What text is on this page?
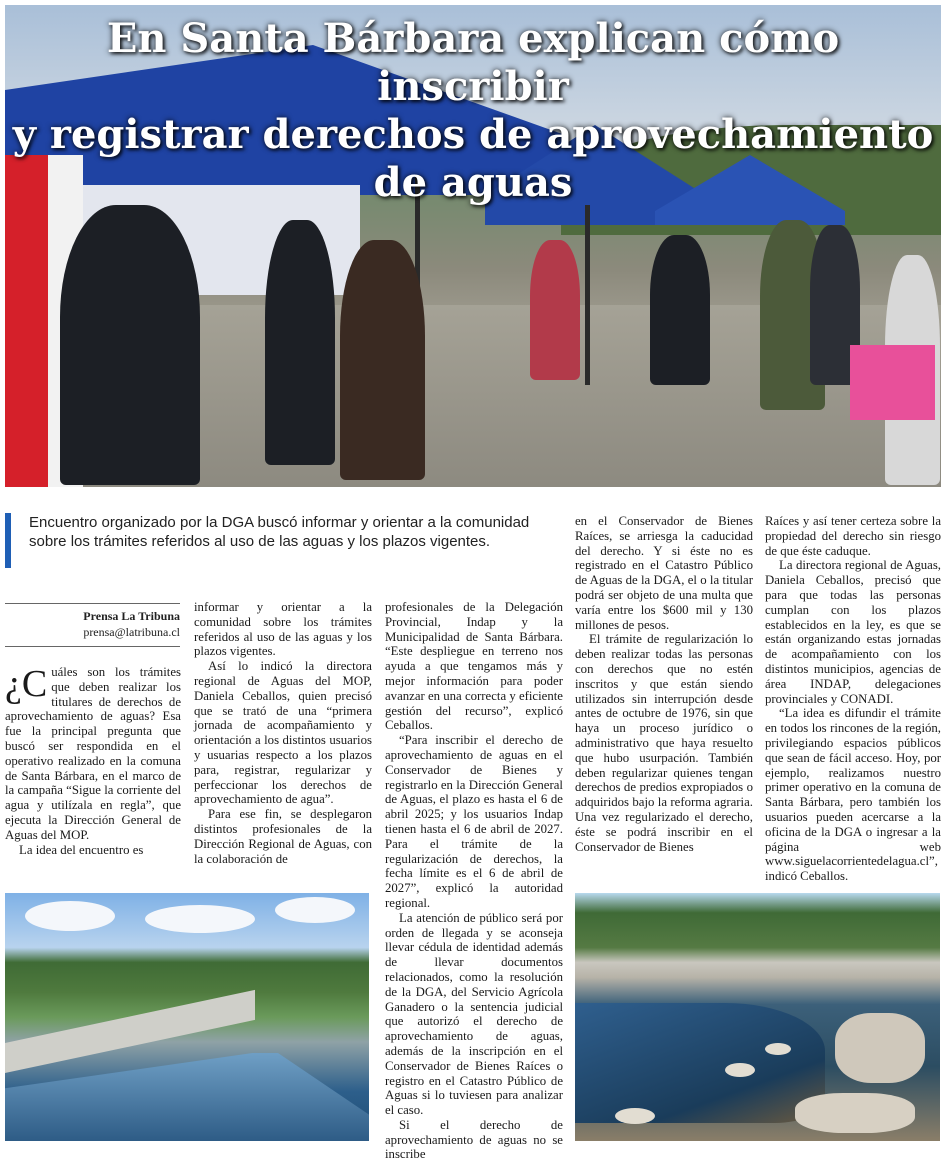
En Santa Bárbara explican cómo inscribir
y registrar derechos de aprovechamiento
de aguas
Encuentro organizado por la DGA buscó informar y orientar a la comunidad sobre los trámites referidos al uso de las aguas y los plazos vigentes.
Prensa La Tribuna
prensa@latribuna.cl

¿C uáles son los trámites que deben realizar los titulares de derechos de aprovechamiento de aguas? Esa fue la principal pregunta que buscó ser respondida en el operativo realizado en la comuna de Santa Bárbara, en el marco de la campaña “Sigue la corriente del agua y utilízala en regla”, que ejecuta la Dirección General de Aguas del MOP.

La idea del encuentro es

informar y orientar a la comunidad sobre los trámites referidos al uso de las aguas y los plazos vigentes.

Así lo indicó la directora regional de Aguas del MOP, Daniela Ceballos, quien precisó que se trató de una “primera jornada de acompañamiento y orientación a los distintos usuarios y usuarias respecto a los plazos para, registrar, regularizar y perfeccionar los derechos de aprovechamiento de agua”.

Para ese fin, se desplegaron distintos profesionales de la Dirección Regional de Aguas, con la colaboración de

profesionales de la Delegación Provincial, Indap y la Municipalidad de Santa Bárbara. “Este despliegue en terreno nos ayuda a que tengamos más y mejor información para poder avanzar en una correcta y eficiente gestión del recurso”, explicó Ceballos.

“Para inscribir el derecho de aprovechamiento de aguas en el Conservador de Bienes y registrarlo en la Dirección General de Aguas, el plazo es hasta el 6 de abril 2025; y los usuarios Indap tienen hasta el 6 de abril de 2027. Para el trámite de la regularización de derechos, la fecha límite es el 6 de abril de 2027”, explicó la autoridad regional.

La atención de público será por orden de llegada y se aconseja llevar cédula de identidad además de llevar documentos relacionados, como la resolución de la DGA, del Servicio Agrícola Ganadero o la sentencia judicial que autorizó el derecho de aprovechamiento de aguas, además de la inscripción en el Conservador de Bienes Raíces o registro en el Catastro Público de Aguas si lo tuviesen para analizar el caso.

Si el derecho de aprovechamiento de aguas no se inscribe

en el Conservador de Bienes Raíces, se arriesga la caducidad del derecho. Y si éste no es registrado en el Catastro Público de Aguas de la DGA, el o la titular podrá ser objeto de una multa que varía entre los $600 mil y 130 millones de pesos.

El trámite de regularización lo deben realizar todas las personas con derechos que no estén inscritos y que están siendo utilizados sin interrupción desde antes de octubre de 1976, sin que haya un proceso jurídico o administrativo que haya resuelto que hubo usurpación. También deben regularizar quienes tengan derechos de predios expropiados o adquiridos bajo la reforma agraria. Una vez regularizado el derecho, éste se podrá inscribir en el Conservador de Bienes

Raíces y así tener certeza sobre la propiedad del derecho sin riesgo de que éste caduque.

La directora regional de Aguas, Daniela Ceballos, precisó que para que todas las personas cumplan con los plazos establecidos en la ley, es que se están organizando estas jornadas de acompañamiento con los distintos municipios, agencias de área INDAP, delegaciones provinciales y CONADI.

“La idea es difundir el trámite en todos los rincones de la región, privilegiando espacios públicos que sean de fácil acceso. Hoy, por ejemplo, realizamos nuestro primer operativo en la comuna de Santa Bárbara, pero también los usuarios pueden acercarse a la oficina de la DGA o ingresar a la página web www.siguelacorrientedelagua.cl”, indicó Ceballos.
